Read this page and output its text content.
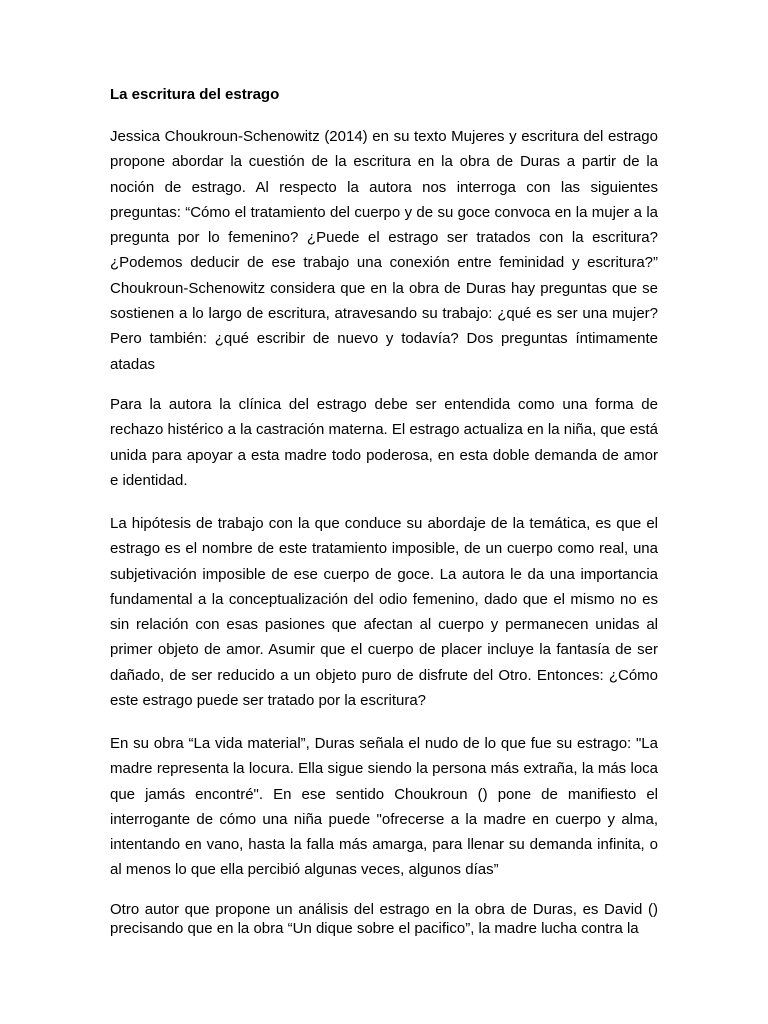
La escritura del estrago

Jessica Choukroun-Schenowitz (2014) en su texto Mujeres y escritura del estrago propone abordar la cuestión de la escritura en la obra de Duras a partir de la noción de estrago. Al respecto la autora nos interroga con las siguientes preguntas: “Cómo el tratamiento del cuerpo y de su goce convoca en la mujer a la pregunta por lo femenino? ¿Puede el estrago ser tratados con la escritura? ¿Podemos deducir de ese trabajo una conexión entre feminidad y escritura?” Choukroun-Schenowitz considera que en la obra de Duras hay preguntas que se sostienen a lo largo de escritura, atravesando su trabajo: ¿qué es ser una mujer? Pero también: ¿qué escribir de nuevo y todavía? Dos preguntas íntimamente atadas

Para la autora la clínica del estrago debe ser entendida como una forma de rechazo histérico a la castración materna. El estrago actualiza en la niña, que está unida para apoyar a esta madre todo poderosa, en esta doble demanda de amor e identidad.

La hipótesis de trabajo con la que conduce su abordaje de la temática, es que el estrago es el nombre de este tratamiento imposible, de un cuerpo como real, una subjetivación imposible de ese cuerpo de goce. La autora le da una importancia fundamental a la conceptualización del odio femenino, dado que el mismo no es sin relación con esas pasiones que afectan al cuerpo y permanecen unidas al primer objeto de amor. Asumir que el cuerpo de placer incluye la fantasía de ser dañado, de ser reducido a un objeto puro de disfrute del Otro. Entonces: ¿Cómo este estrago puede ser tratado por la escritura?

En su obra “La vida material”, Duras señala el nudo de lo que fue su estrago: "La madre representa la locura. Ella sigue siendo la persona más extraña, la más loca que jamás encontré". En ese sentido Choukroun () pone de manifiesto el interrogante de cómo una niña puede "ofrecerse a la madre en cuerpo y alma, intentando en vano, hasta la falla más amarga, para llenar su demanda infinita, o al menos lo que ella percibió algunas veces, algunos días”

Otro autor que propone un análisis del estrago en la obra de Duras, es David () precisando que en la obra “Un dique sobre el pacifico”, la madre lucha contra la
